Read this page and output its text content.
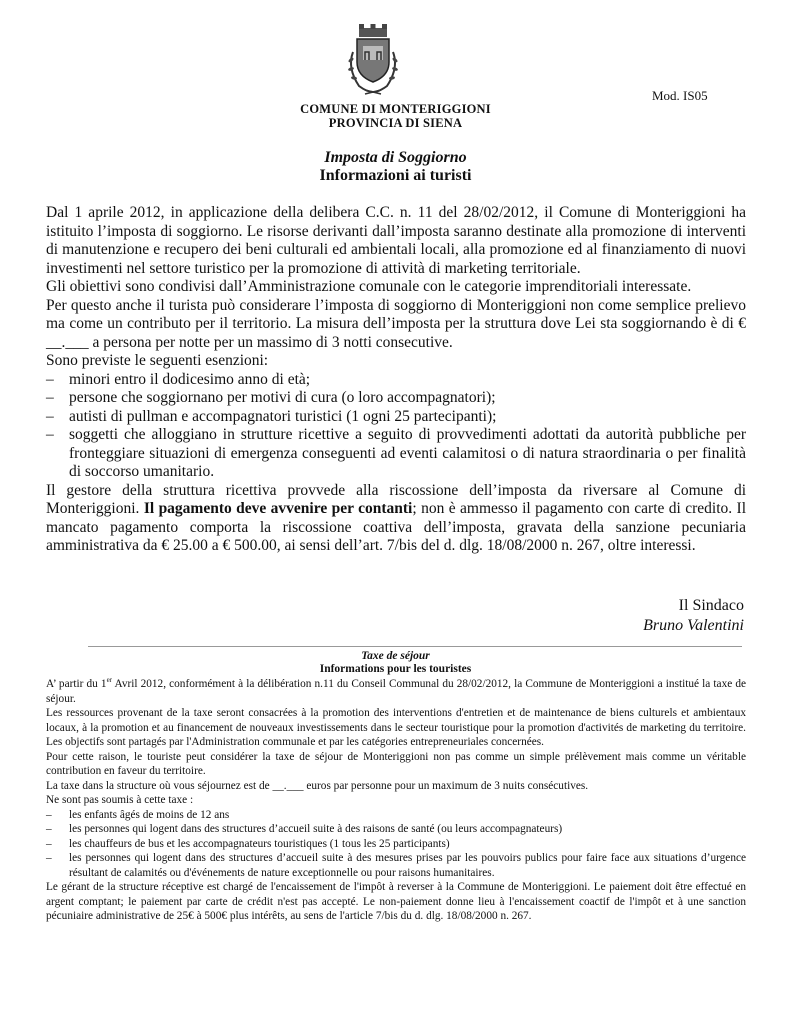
Mod. IS05
COMUNE DI MONTERIGGIONI
PROVINCIA DI SIENA
Imposta di Soggiorno
Informazioni ai turisti

Dal 1 aprile 2012, in applicazione della delibera C.C. n. 11 del 28/02/2012, il Comune di Monteriggioni ha istituito l’imposta di soggiorno. Le risorse derivanti dall’imposta saranno destinate alla promozione di interventi di manutenzione e recupero dei beni culturali ed ambientali locali, alla promozione ed al finanziamento di nuovi investimenti nel settore turistico per la promozione di attività di marketing territoriale.

Gli obiettivi sono condivisi dall’Amministrazione comunale con le categorie imprenditoriali interessate.

Per questo anche il turista può considerare l’imposta di soggiorno di Monteriggioni non come semplice prelievo ma come un contributo per il territorio. La misura dell’imposta per la struttura dove Lei sta soggiornando è di € __.___ a persona per notte per un massimo di 3 notti consecutive.

Sono previste le seguenti esenzioni:

– minori entro il dodicesimo anno di età;
– persone che soggiornano per motivi di cura (o loro accompagnatori);
– autisti di pullman e accompagnatori turistici (1 ogni 25 partecipanti);
– soggetti che alloggiano in strutture ricettive a seguito di provvedimenti adottati da autorità pubbliche per fronteggiare situazioni di emergenza conseguenti ad eventi calamitosi o di natura straordinaria o per finalità di soccorso umanitario.

Il gestore della struttura ricettiva provvede alla riscossione dell’imposta da riversare al Comune di Monteriggioni. Il pagamento deve avvenire per contanti; non è ammesso il pagamento con carte di credito. Il mancato pagamento comporta la riscossione coattiva dell’imposta, gravata della sanzione pecuniaria amministrativa da € 25.00 a € 500.00, ai sensi dell’art. 7/bis del d. dlg. 18/08/2000 n. 267, oltre interessi.

Il Sindaco
Bruno Valentini
Taxe de séjour
Informations pour les touristes

A’ partir du 1er Avril 2012, conformément à la délibération n.11 du Conseil Communal du 28/02/2012, la Commune de Monteriggioni a institué la taxe de séjour.

Les ressources provenant de la taxe seront consacrées à la promotion des interventions d'entretien et de maintenance de biens culturels et ambientaux locaux, à la promotion et au financement de nouveaux investissements dans le secteur touristique pour la promotion d'activités de marketing du territoire. Les objectifs sont partagés par l'Administration communale et par les catégories entrepreneuriales concernées.

Pour cette raison, le touriste peut considérer la taxe de séjour de Monteriggioni non pas comme un simple prélèvement mais comme un véritable contribution en faveur du territoire.

La taxe dans la structure où vous séjournez est de __.___ euros par personne pour un maximum de 3 nuits consécutives.

Ne sont pas soumis à cette taxe :

– les enfants âgés de moins de 12 ans
– les personnes qui logent dans des structures d’accueil suite à des raisons de santé (ou leurs accompagnateurs)
– les chauffeurs de bus et les accompagnateurs touristiques (1 tous les 25 participants)
– les personnes qui logent dans des structures d’accueil suite à des mesures prises par les pouvoirs publics pour faire face aux situations d’urgence résultant de calamités ou d'événements de nature exceptionnelle ou pour raisons humanitaires.

Le gérant de la structure réceptive est chargé de l'encaissement de l'impôt à reverser à la Commune de Monteriggioni. Le paiement doit être effectué en argent comptant; le paiement par carte de crédit n'est pas accepté. Le non-paiement donne lieu à l'encaissement coactif de l'impôt et à une sanction pécuniaire administrative de 25€ à 500€ plus intérêts, au sens de l'article 7/bis du d. dlg. 18/08/2000 n. 267.
